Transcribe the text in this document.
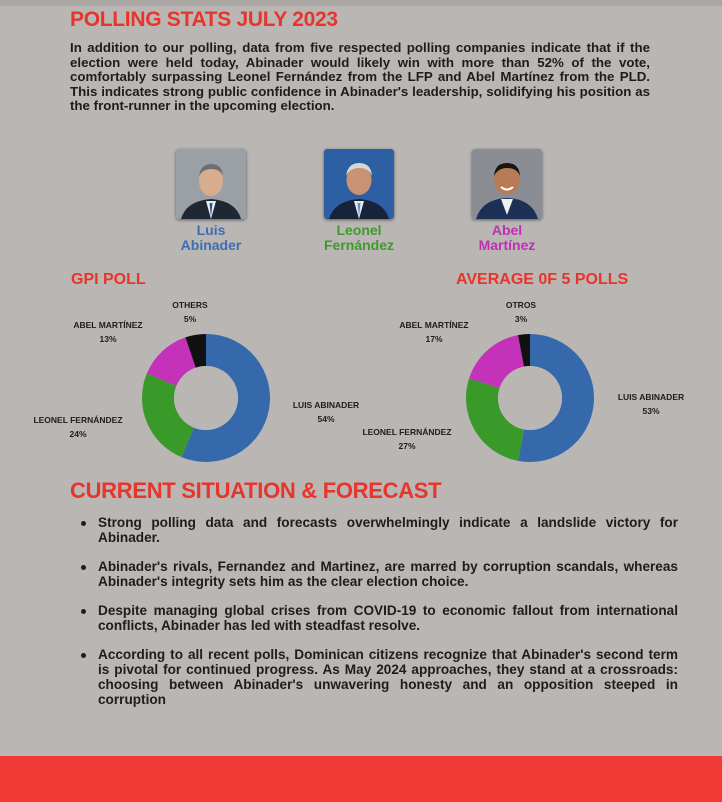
POLLING STATS JULY 2023
In addition to our polling, data from five respected polling companies indicate that if the election were held today, Abinader would likely win with more than 52% of the vote, comfortably surpassing Leonel Fernández from the LFP and Abel Martínez from the PLD. This indicates strong public confidence in Abinader's leadership, solidifying his position as the front-runner in the upcoming election.
Luis
Abinader
Leonel
Fernández
Abel
Martínez
GPI POLL	AVERAGE 0F 5 POLLS
LUIS ABINADER
54%
LEONEL FERNÁNDEZ
24%
ABEL MARTÍNEZ
13%
OTHERS
5%
LUIS ABINADER
53%
LEONEL FERNÁNDEZ
27%
ABEL MARTÍNEZ
17%
OTROS
3%
CURRENT SITUATION & FORECAST
Strong polling data and forecasts overwhelmingly indicate a landslide victory for Abinader.
Abinader's rivals, Fernandez and Martinez, are marred by corruption scandals, whereas Abinader's integrity sets him as the clear election choice.
Despite managing global crises from COVID-19 to economic fallout from international conflicts, Abinader has led with steadfast resolve.
According to all recent polls, Dominican citizens recognize that Abinader's second term is pivotal for continued progress. As May 2024 approaches, they stand at a crossroads: choosing between Abinader's unwavering honesty and an opposition steeped in corruption
